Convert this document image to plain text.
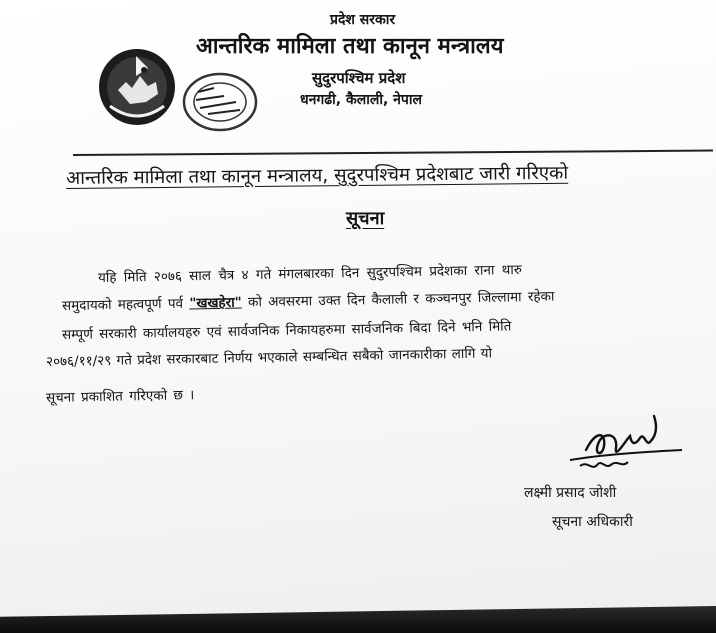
प्रदेश सरकार
आन्तरिक मामिला तथा कानून मन्त्रालय
सुदुरपश्चिम प्रदेश
धनगढी, कैलाली, नेपाल
आन्तरिक मामिला तथा कानून मन्त्रालय, सुदुरपश्चिम प्रदेशबाट जारी गरिएको
सूचना
यहि मिति २०७६ साल चैत्र ४ गते मंगलबारका दिन सुदुरपश्चिम प्रदेशका राना थारु
समुदायको महत्वपूर्ण पर्व "खखहेरा" को अवसरमा उक्त दिन कैलाली र कञ्चनपुर जिल्लामा रहेका
सम्पूर्ण सरकारी कार्यालयहरु एवं सार्वजनिक निकायहरुमा सार्वजनिक बिदा दिने भनि मिति
२०७६/११/२९ गते प्रदेश सरकारबाट निर्णय भएकाले सम्बन्धित सबैको जानकारीका लागि यो
सूचना प्रकाशित गरिएको छ ।
लक्ष्मी प्रसाद जोशी
सूचना अधिकारी
